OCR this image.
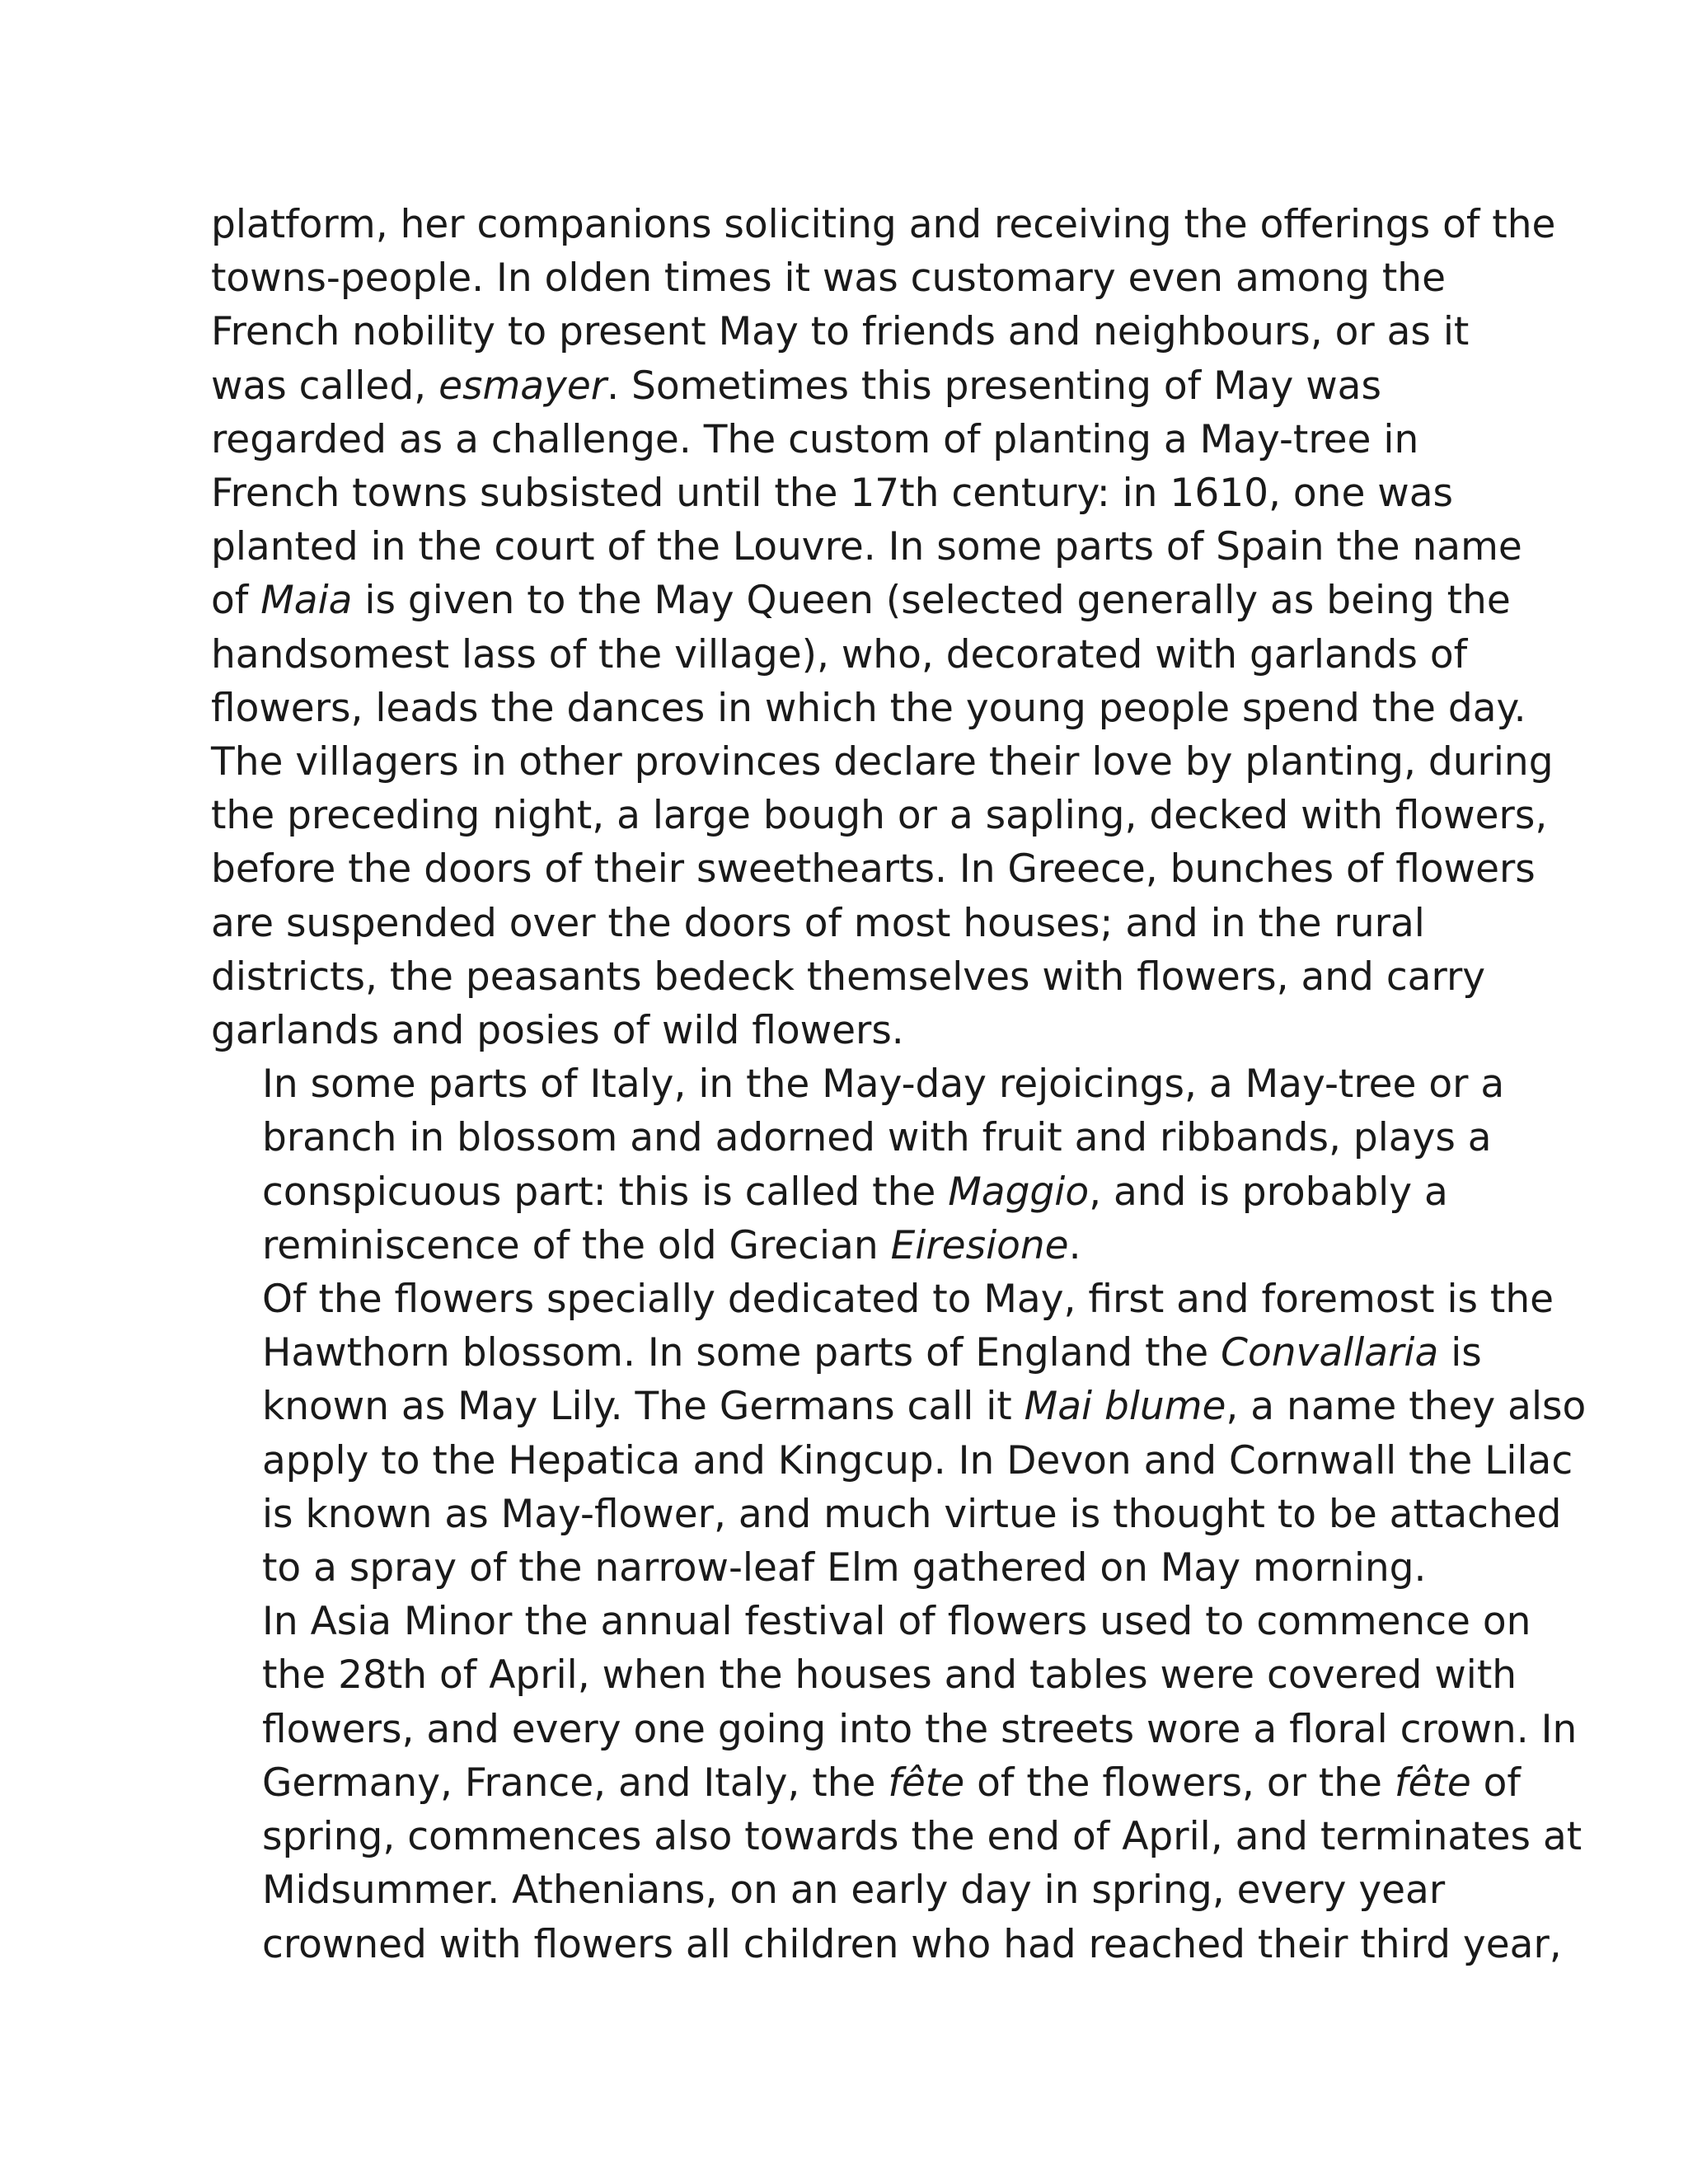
platform, her companions soliciting and receiving the offerings of the
towns-people. In olden times it was customary even among the
French nobility to present May to friends and neighbours, or as it
was called, esmayer. Sometimes this presenting of May was
regarded as a challenge. The custom of planting a May-tree in
French towns subsisted until the 17th century: in 1610, one was
planted in the court of the Louvre. In some parts of Spain the name
of Maia is given to the May Queen (selected generally as being the
handsomest lass of the village), who, decorated with garlands of
flowers, leads the dances in which the young people spend the day.
The villagers in other provinces declare their love by planting, during
the preceding night, a large bough or a sapling, decked with flowers,
before the doors of their sweethearts. In Greece, bunches of flowers
are suspended over the doors of most houses; and in the rural
districts, the peasants bedeck themselves with flowers, and carry
garlands and posies of wild flowers.

In some parts of Italy, in the May-day rejoicings, a May-tree or a
branch in blossom and adorned with fruit and ribbands, plays a
conspicuous part: this is called the Maggio, and is probably a
reminiscence of the old Grecian Eiresione.

Of the flowers specially dedicated to May, first and foremost is the
Hawthorn blossom. In some parts of England the Convallaria is
known as May Lily. The Germans call it Mai blume, a name they also
apply to the Hepatica and Kingcup. In Devon and Cornwall the Lilac
is known as May-flower, and much virtue is thought to be attached
to a spray of the narrow-leaf Elm gathered on May morning.

In Asia Minor the annual festival of flowers used to commence on
the 28th of April, when the houses and tables were covered with
flowers, and every one going into the streets wore a floral crown. In
Germany, France, and Italy, the fête of the flowers, or the fête of
spring, commences also towards the end of April, and terminates at
Midsummer. Athenians, on an early day in spring, every year
crowned with flowers all children who had reached their third year,
